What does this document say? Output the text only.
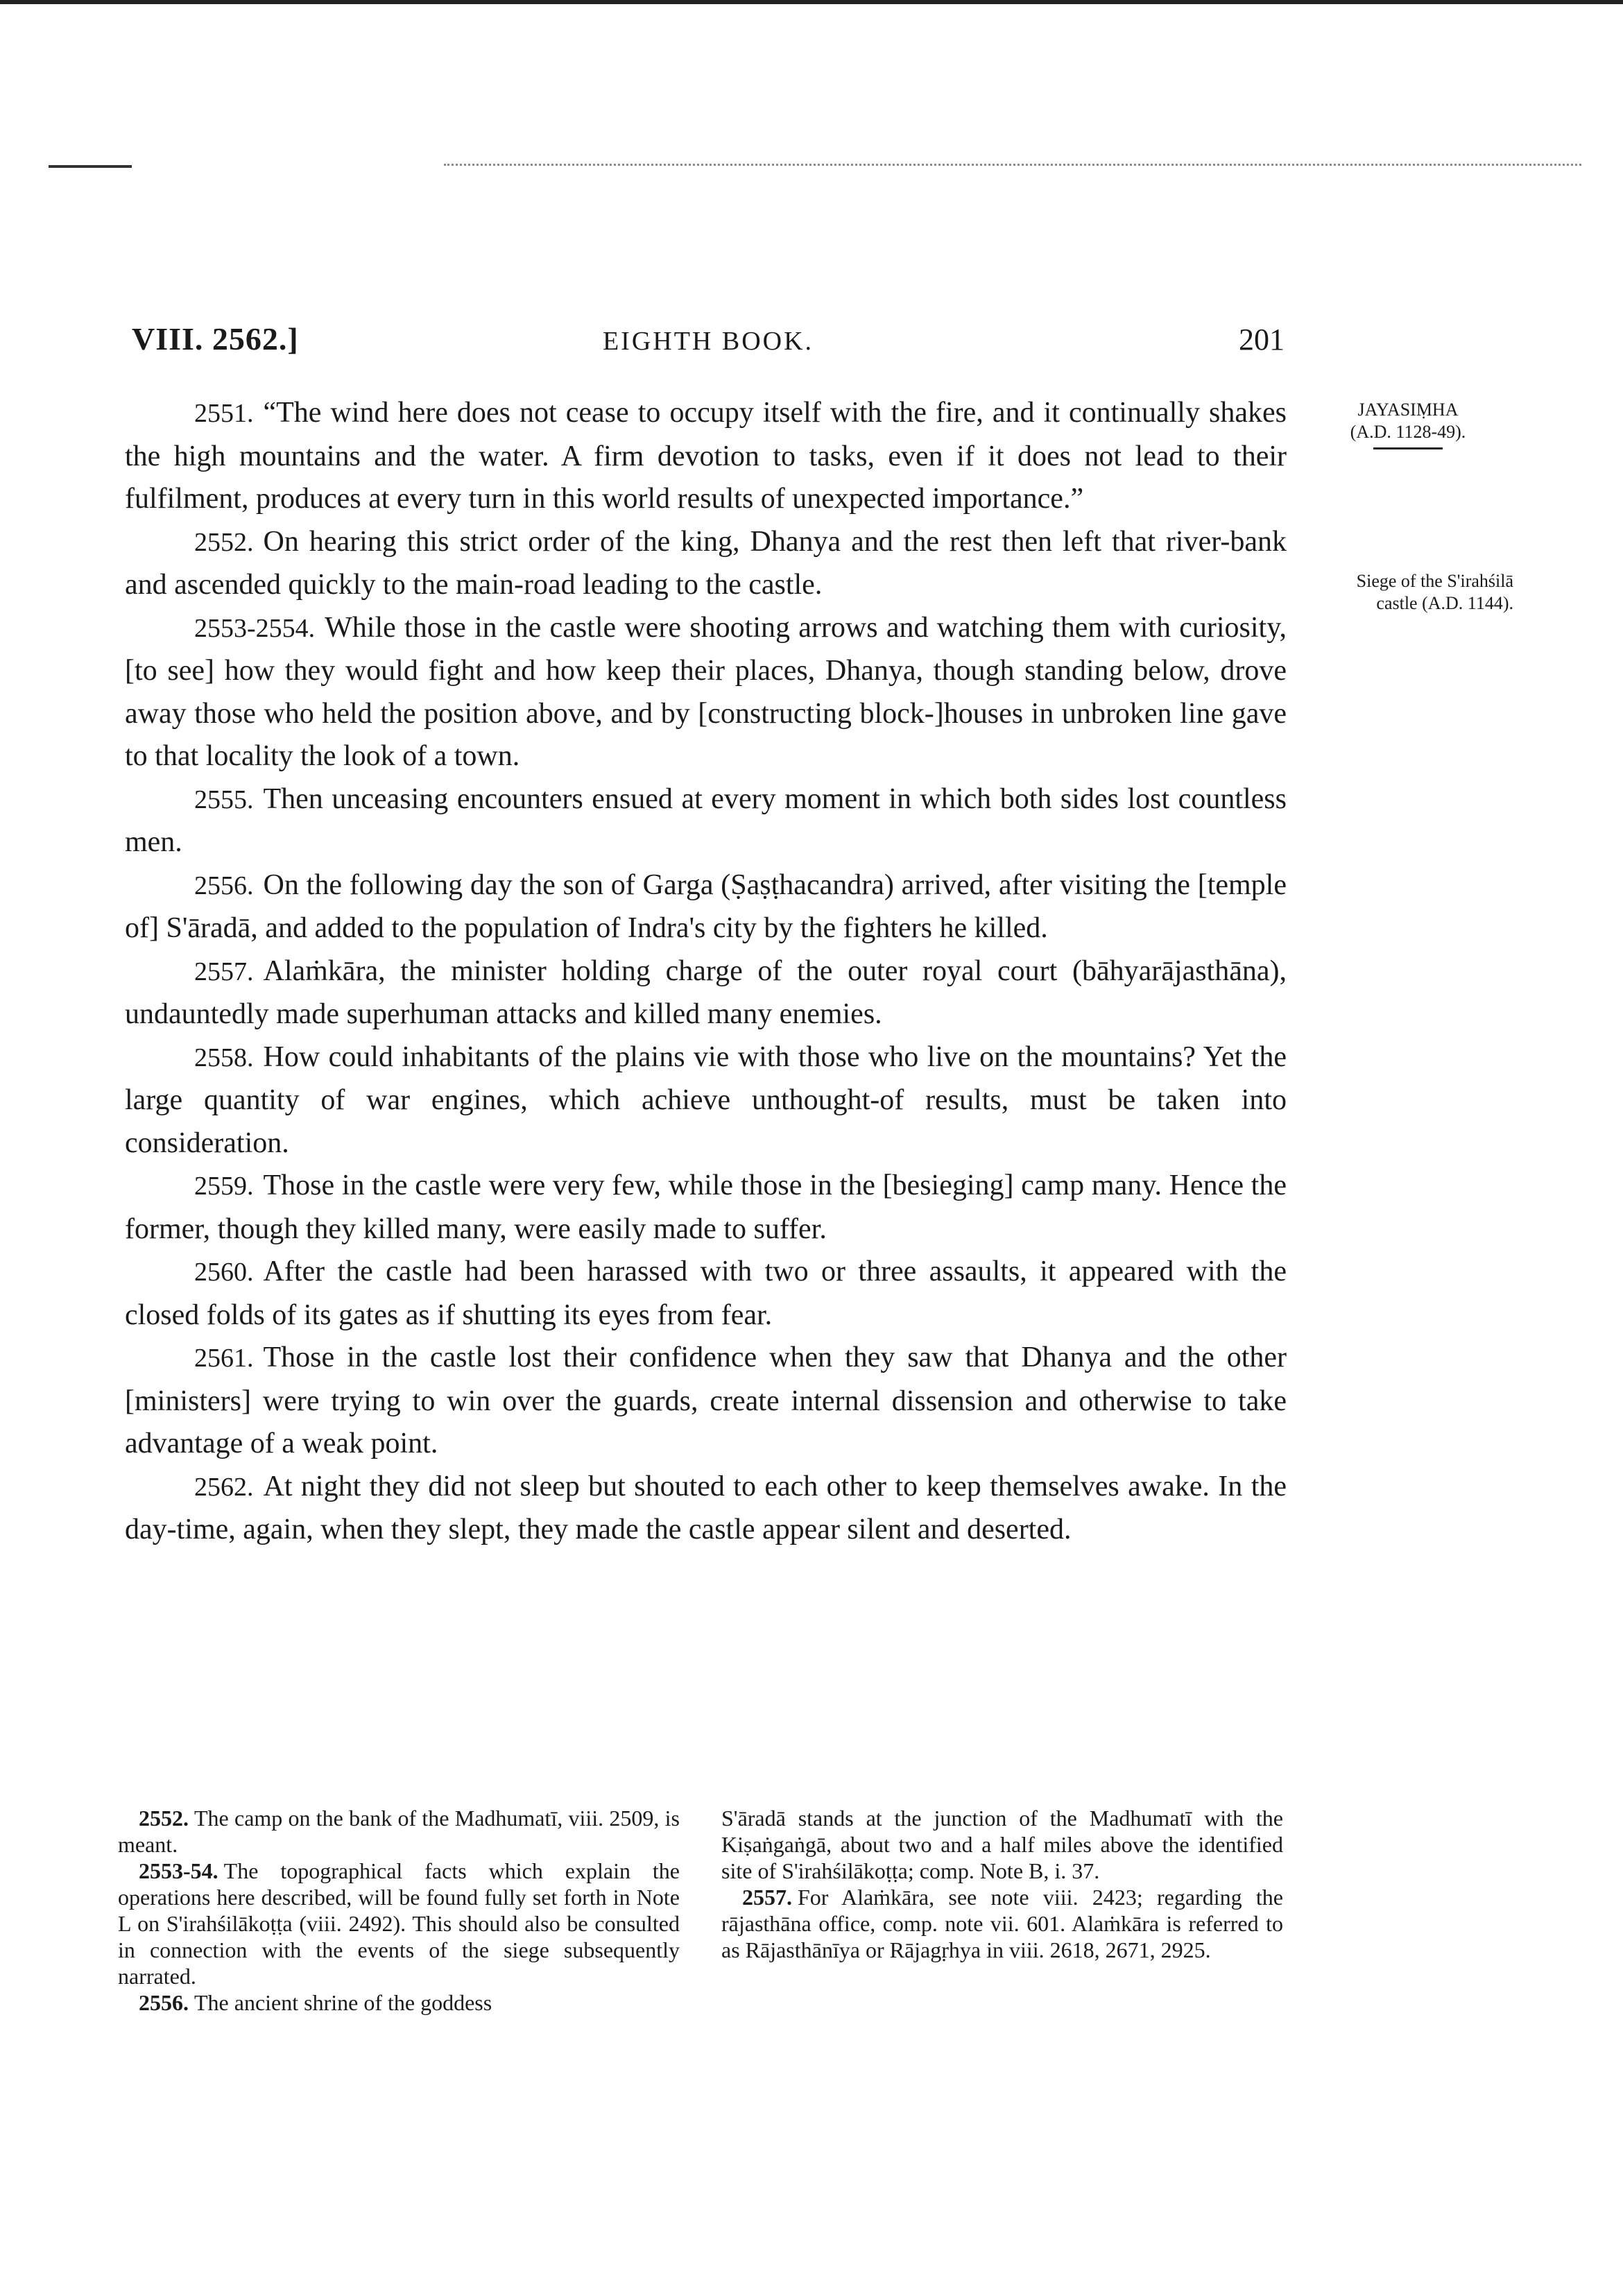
VIII. 2562.]	EIGHTH BOOK.	201
JAYASIṂHA
(A.D. 1128-49).
Siege of the S'irahśilā
castle (A.D. 1144).

2551. “The wind here does not cease to occupy itself with the fire, and it continually shakes the high mountains and the water. A firm devotion to tasks, even if it does not lead to their fulfilment, produces at every turn in this world results of unexpected importance.”

2552. On hearing this strict order of the king, Dhanya and the rest then left that river-bank and ascended quickly to the main-road leading to the castle.

2553-2554. While those in the castle were shooting arrows and watching them with curiosity, [to see] how they would fight and how keep their places, Dhanya, though standing below, drove away those who held the position above, and by [constructing block-]houses in unbroken line gave to that locality the look of a town.

2555. Then unceasing encounters ensued at every moment in which both sides lost countless men.

2556. On the following day the son of Garga (Ṣaṣṭhacandra) arrived, after visiting the [temple of] S'āradā, and added to the population of Indra's city by the fighters he killed.

2557. Alaṁkāra, the minister holding charge of the outer royal court (bāhyarājasthāna), undauntedly made superhuman attacks and killed many enemies.

2558. How could inhabitants of the plains vie with those who live on the mountains? Yet the large quantity of war engines, which achieve unthought-of results, must be taken into consideration.

2559. Those in the castle were very few, while those in the [besieging] camp many. Hence the former, though they killed many, were easily made to suffer.

2560. After the castle had been harassed with two or three assaults, it appeared with the closed folds of its gates as if shutting its eyes from fear.

2561. Those in the castle lost their confidence when they saw that Dhanya and the other [ministers] were trying to win over the guards, create internal dissension and otherwise to take advantage of a weak point.

2562. At night they did not sleep but shouted to each other to keep themselves awake. In the day-time, again, when they slept, they made the castle appear silent and deserted.

2552. The camp on the bank of the Madhumatī, viii. 2509, is meant.

2553-54. The topographical facts which explain the operations here described, will be found fully set forth in Note L on S'irahśilākoṭṭa (viii. 2492). This should also be consulted in connection with the events of the siege subsequently narrated.

2556. The ancient shrine of the goddess

S'āradā stands at the junction of the Madhumatī with the Kiṣaṅgaṅgā, about two and a half miles above the identified site of S'irahśilākoṭṭa; comp. Note B, i. 37.

2557. For Alaṁkāra, see note viii. 2423; regarding the rājasthāna office, comp. note vii. 601. Alaṁkāra is referred to as Rājasthānīya or Rājagṛhya in viii. 2618, 2671, 2925.
